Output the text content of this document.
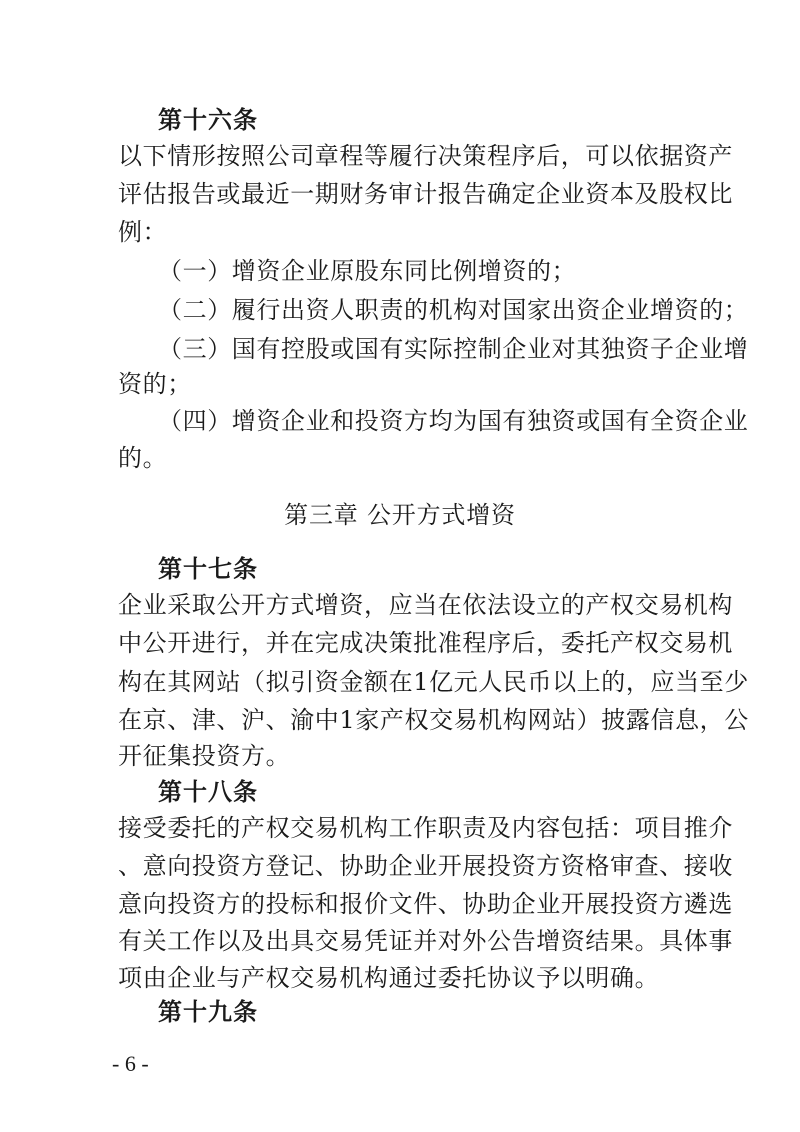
第十六条
以下情形按照公司章程等履行决策程序后，可以依据资产
评估报告或最近一期财务审计报告确定企业资本及股权比
例：
（一）增资企业原股东同比例增资的；
（二）履行出资人职责的机构对国家出资企业增资的；
（三）国有控股或国有实际控制企业对其独资子企业增
资的；
（四）增资企业和投资方均为国有独资或国有全资企业
的。
第三章 公开方式增资
第十七条
企业采取公开方式增资，应当在依法设立的产权交易机构
中公开进行，并在完成决策批准程序后，委托产权交易机
构在其网站（拟引资金额在1亿元人民币以上的，应当至少
在京、津、沪、渝中1家产权交易机构网站）披露信息，公
开征集投资方。
第十八条
接受委托的产权交易机构工作职责及内容包括：项目推介
、意向投资方登记、协助企业开展投资方资格审查、接收
意向投资方的投标和报价文件、协助企业开展投资方遴选
有关工作以及出具交易凭证并对外公告增资结果。具体事
项由企业与产权交易机构通过委托协议予以明确。
第十九条
- 6 -
